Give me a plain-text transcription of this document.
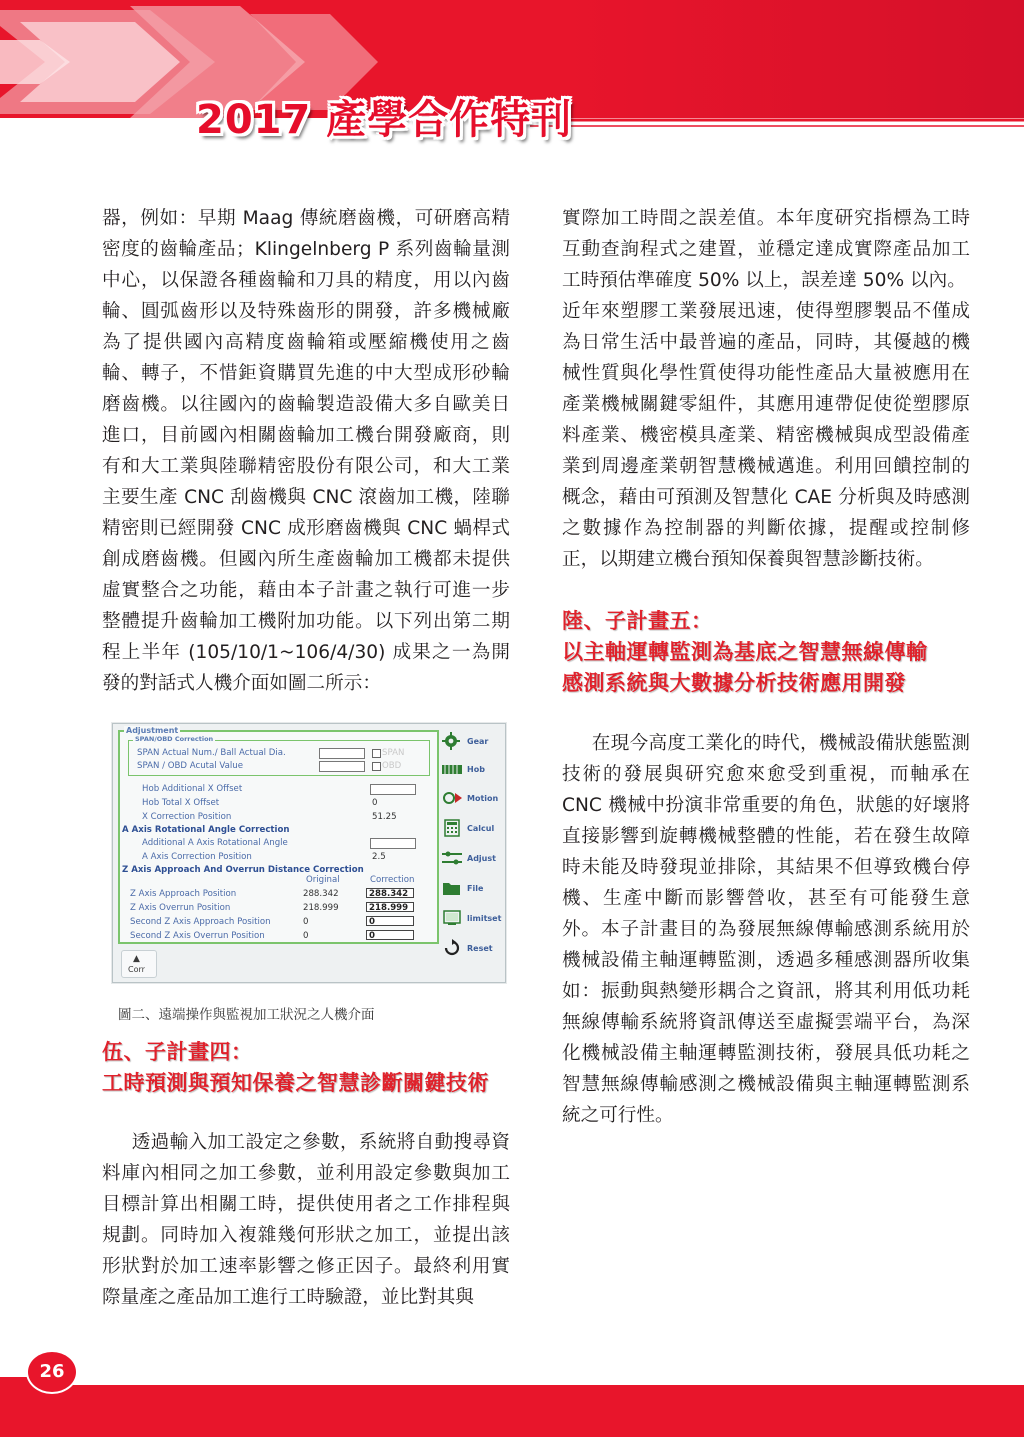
2017 產學合作特刊

器，例如：早期 Maag 傳統磨齒機，可研磨高精密度的齒輪產品；Klingelnberg P 系列齒輪量測中心，以保證各種齒輪和刀具的精度，用以內齒輪、圓弧齒形以及特殊齒形的開發，許多機械廠為了提供國內高精度齒輪箱或壓縮機使用之齒輪、轉子，不惜鉅資購買先進的中大型成形砂輪磨齒機。以往國內的齒輪製造設備大多自歐美日進口，目前國內相關齒輪加工機台開發廠商，則有和大工業與陸聯精密股份有限公司，和大工業主要生產 CNC 刮齒機與 CNC 滾齒加工機，陸聯精密則已經開發 CNC 成形磨齒機與 CNC 蝸桿式創成磨齒機。但國內所生產齒輪加工機都未提供虛實整合之功能，藉由本子計畫之執行可進一步整體提升齒輪加工機附加功能。以下列出第二期程上半年 (105/10/1~106/4/30) 成果之一為開發的對話式人機介面如圖二所示：

Adjustment
SPAN/OBD Correction
SPAN Actual Num./ Ball Actual Dia.	SPAN
SPAN / OBD Acutal Value	OBD
Hob Additional X Offset
Hob Total X Offset	0
X Correction Position	51.25
A Axis Rotational Angle Correction
Additional A Axis Rotational Angle
A Axis Correction Position	2.5
Z Axis Approach And Overrun Distance Correction
Original	Correction
Z Axis Approach Position	288.342	288.342
Z Axis Overrun Position	218.999	218.999
Second Z Axis Approach Position	0	0
Second Z Axis Overrun Position	0	0
Gear
Hob
Motion
Calcul
Adjust
File
limitset
Reset
▲
Corr
圖二、遠端操作與監視加工狀況之人機介面
伍、子計畫四：
工時預測與預知保養之智慧診斷關鍵技術

透過輸入加工設定之參數，系統將自動搜尋資料庫內相同之加工參數，並利用設定參數與加工目標計算出相關工時，提供使用者之工作排程與規劃。同時加入複雜幾何形狀之加工，並提出該形狀對於加工速率影響之修正因子。最終利用實際量產之產品加工進行工時驗證，並比對其與

實際加工時間之誤差值。本年度研究指標為工時互動查詢程式之建置，並穩定達成實際產品加工工時預估準確度 50% 以上，誤差達 50% 以內。

近年來塑膠工業發展迅速，使得塑膠製品不僅成為日常生活中最普遍的產品，同時，其優越的機械性質與化學性質使得功能性產品大量被應用在產業機械關鍵零組件，其應用連帶促使從塑膠原料產業、機密模具產業、精密機械與成型設備產業到周邊產業朝智慧機械邁進。利用回饋控制的概念，藉由可預測及智慧化 CAE 分析與及時感測之數據作為控制器的判斷依據，提醒或控制修正，以期建立機台預知保養與智慧診斷技術。

陸、子計畫五：
以主軸運轉監測為基底之智慧無線傳輸
感測系統與大數據分析技術應用開發

在現今高度工業化的時代，機械設備狀態監測技術的發展與研究愈來愈受到重視，而軸承在 CNC 機械中扮演非常重要的角色，狀態的好壞將直接影響到旋轉機械整體的性能，若在發生故障時未能及時發現並排除，其結果不但導致機台停機、生產中斷而影響營收，甚至有可能發生意外。本子計畫目的為發展無線傳輸感測系統用於機械設備主軸運轉監測，透過多種感測器所收集如：振動與熱變形耦合之資訊，將其利用低功耗無線傳輸系統將資訊傳送至虛擬雲端平台，為深化機械設備主軸運轉監測技術，發展具低功耗之智慧無線傳輸感測之機械設備與主軸運轉監測系統之可行性。

26
